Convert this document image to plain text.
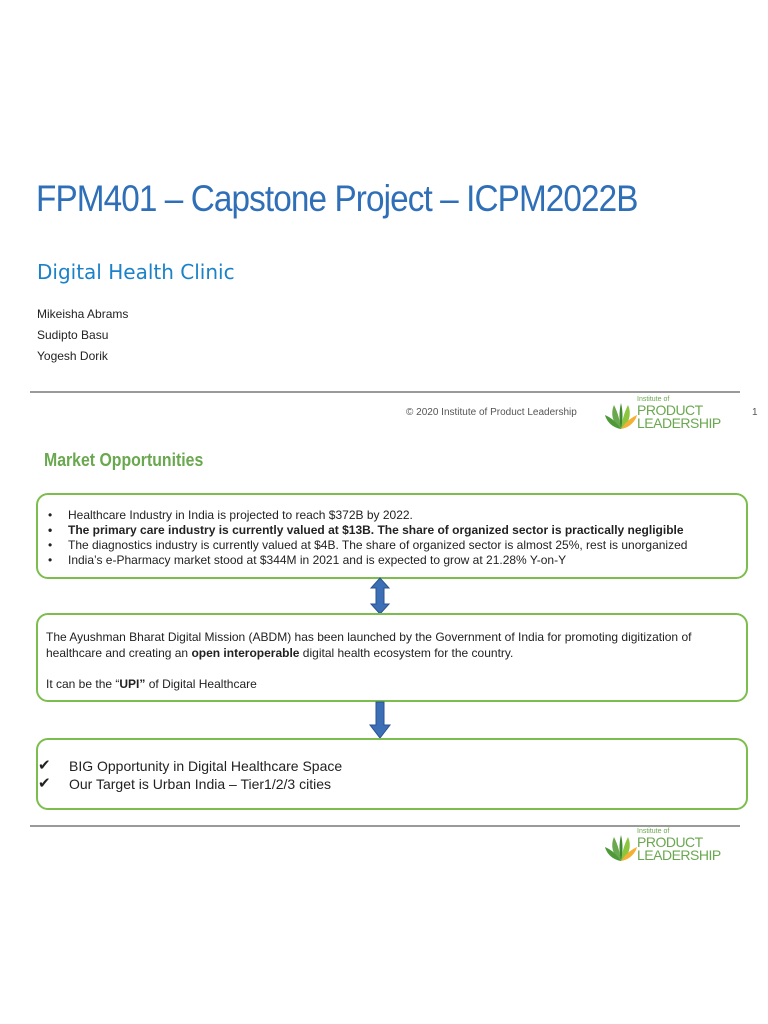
FPM401 – Capstone Project – ICPM2022B
Digital Health Clinic
Mikeisha Abrams
Sudipto Basu
Yogesh Dorik
© 2020 Institute of Product Leadership
Institute of
PRODUCT
LEADERSHIP
1
Market Opportunities
• Healthcare Industry in India is projected to reach $372B by 2022.
• The primary care industry is currently valued at $13B. The share of organized sector is practically negligible
• The diagnostics industry is currently valued at $4B. The share of organized sector is almost 25%, rest is unorganized
• India’s e-Pharmacy market stood at $344M in 2021 and is expected to grow at 21.28% Y-on-Y

The Ayushman Bharat Digital Mission (ABDM) has been launched by the Government of India for promoting digitization of healthcare and creating an open interoperable digital health ecosystem for the country.

It can be the “UPI” of Digital Healthcare

✔ BIG Opportunity in Digital Healthcare Space
✔ Our Target is Urban India – Tier1/2/3 cities
Institute of
PRODUCT
LEADERSHIP
